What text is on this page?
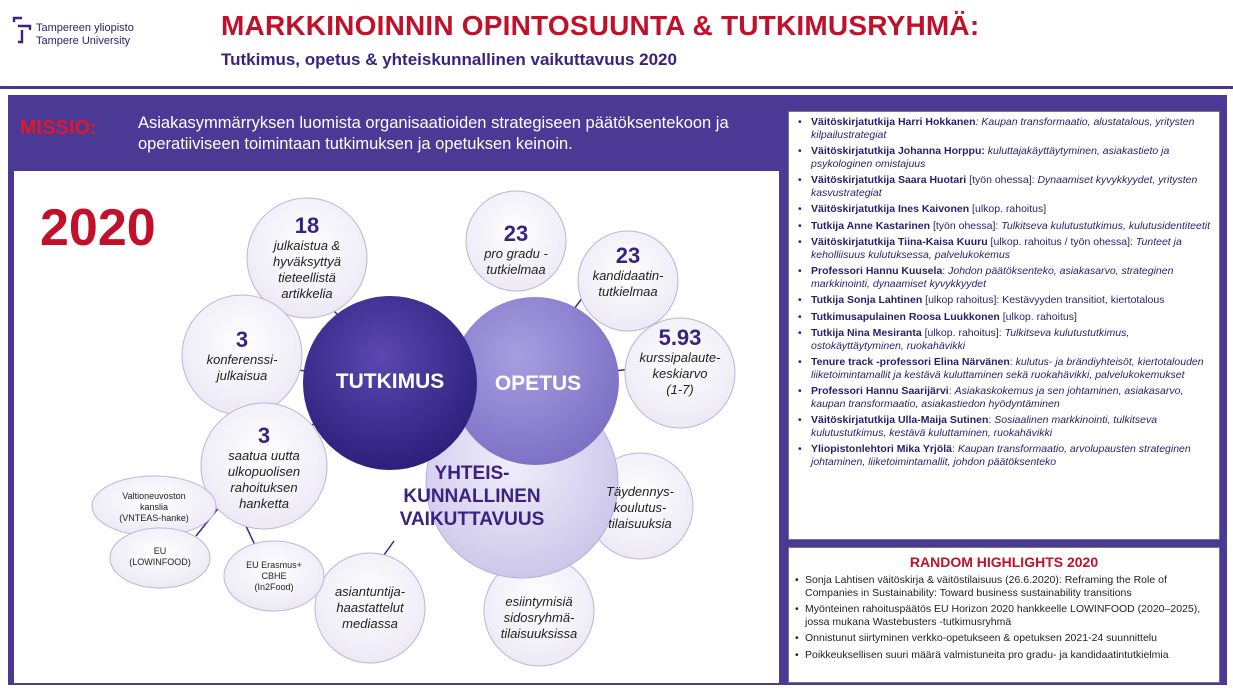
Tampereen yliopisto
Tampere University	MARKKINOINNIN OPINTOSUUNTA & TUTKIMUSRYHMÄ:
Tutkimus, opetus & yhteiskunnallinen vaikuttavuus 2020
MISSIO:	Asiakasymmärryksen luomista organisaatioiden strategiseen päätöksentekoon ja operatiiviseen toimintaan tutkimuksen ja opetuksen keinoin.
2020
TUTKIMUS	OPETUS
YHTEIS-
KUNNALLINEN
VAIKUTTAVUUS
18
julkaistua &
hyväksyttyä
tieteellistä
artikkelia
3
konferenssi-
julkaisua
3
saatua uutta
ulkopuolisen
rahoituksen
hanketta
23
pro gradu -
tutkielmaa
23
kandidaatin-
tutkielmaa
5.93
kurssipalaute-
keskiarvo
(1-7)
Täydennys-
koulutus-
tilaisuuksia
asiantuntija-
haastattelut
mediassa
esiintymisiä
sidosryhmä-
tilaisuuksissa
Valtioneuvoston
kanslia
(VNTEAS-hanke)
EU
(LOWINFOOD)	EU Erasmus+
CBHE
(In2Food)
• Väitöskirjatutkija Harri Hokkanen: Kaupan transformaatio, alustatalous, yritysten kilpailustrategiat
• Väitöskirjatutkija Johanna Horppu: kuluttajakäyttäytyminen, asiakastieto ja psykologinen omistajuus
• Väitöskirjatutkija Saara Huotari [työn ohessa]: Dynaamiset kyvykkyydet, yritysten kasvustrategiat
• Väitöskirjatutkija Ines Kaivonen [ulkop. rahoitus]
• Tutkija Anne Kastarinen [työn ohessa]: Tulkitseva kulutustutkimus, kulutusidentiteetit
• Väitöskirjatutkija Tiina-Kaisa Kuuru [ulkop. rahoitus / työn ohessa]: Tunteet ja keholliisuus kulutuksessa, palvelukokemus
• Professori Hannu Kuusela: Johdon päätöksenteko, asiakasarvo, strateginen markkinointi, dynaamiset kyvykkyydet
• Tutkija Sonja Lahtinen [ulkop rahoitus]: Kestävyyden transitiot, kiertotalous
• Tutkimusapulainen Roosa Luukkonen [ulkop. rahoitus]
• Tutkija Nina Mesiranta [ulkop. rahoitus]: Tulkitseva kulutustutkimus, ostokäyttäytyminen, ruokahävikki
• Tenure track -professori Elina Närvänen: kulutus- ja brändiyhteisöt, kiertotalouden liiketoimintamallit ja kestävä kuluttaminen sekä ruokahävikki, palvelukokemukset
• Professori Hannu Saarijärvi: Asiakaskokemus ja sen johtaminen, asiakasarvo, kaupan transformaatio, asiakastiedon hyödyntäminen
• Väitöskirjatutkija Ulla-Maija Sutinen: Sosiaalinen markkinointi, tulkitseva kulutustutkimus, kestävä kuluttaminen, ruokahävikki
• Yliopistonlehtori Mika Yrjölä: Kaupan transformaatio, arvolupausten strateginen johtaminen, liiketoimintamallit, johdon päätöksenteko
RANDOM HIGHLIGHTS 2020
• Sonja Lahtisen väitöskirja & väitöstilaisuus (26.6.2020): Reframing the Role of Companies in Sustainability: Toward business sustainability transitions
• Myönteinen rahoituspäätös EU Horizon 2020 hankkeelle LOWINFOOD (2020–2025), jossa mukana Wastebusters -tutkimusryhmä
• Onnistunut siirtyminen verkko-opetukseen & opetuksen 2021-24 suunnittelu
• Poikkeuksellisen suuri määrä valmistuneita pro gradu- ja kandidaatintutkielmia
